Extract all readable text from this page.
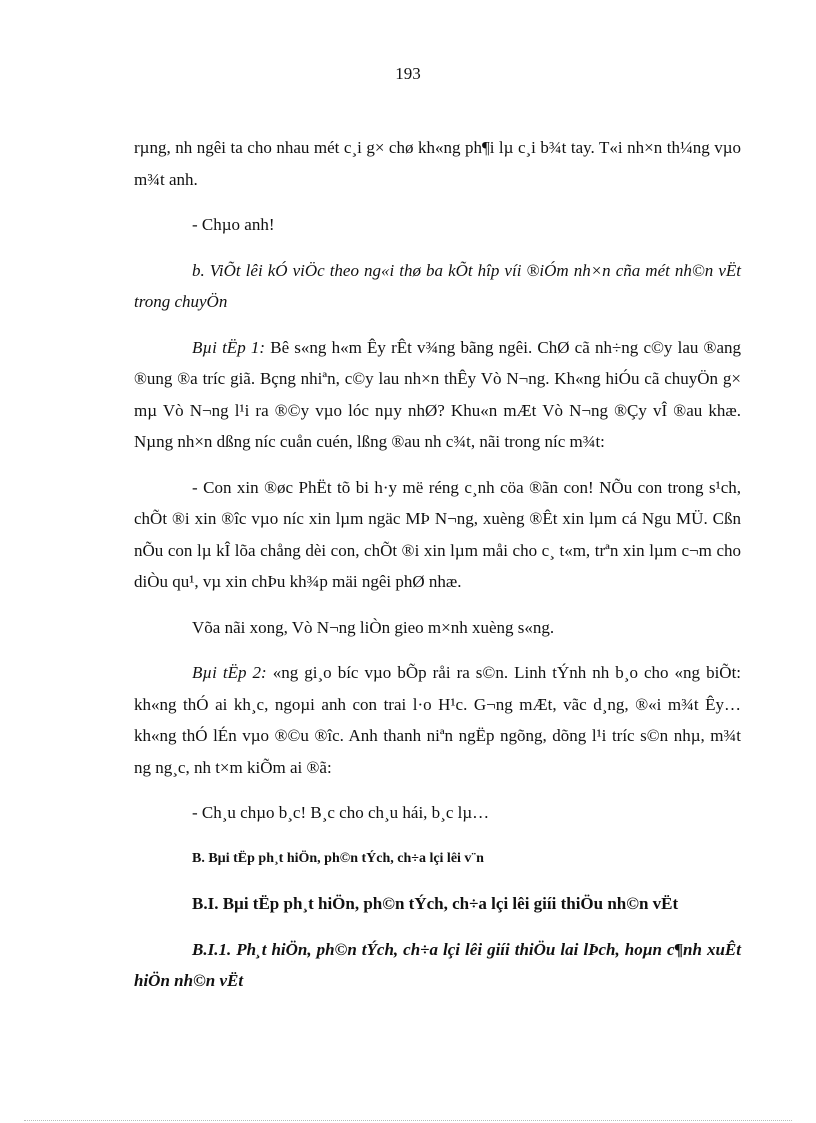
193

rµng, nh ngêi ta cho nhau mét c¸i g× chø kh«ng ph¶i lµ c¸i b¾t tay. T«i nh×n th¼ng vµo m¾t anh.

- Chµo anh!

b. ViÕt lêi kÓ viÖc theo ng«i thø ba kÕt hîp víi ®iÓm nh×n cña mét nh©n vËt trong chuyÖn

Bµi tËp 1: Bê s«ng h«m Êy rÊt v¾ng bãng ngêi. ChØ cã nh÷ng c©y lau ®ang ®ung ®a tríc giã. Bçng nhiªn, c©y lau nh×n thÊy Vò N¬ng. Kh«ng hiÓu cã chuyÖn g× mµ Vò N¬ng l¹i ra ®©y vµo lóc nµy nhØ? Khu«n mÆt Vò N¬ng ®Çy vÎ ®au khæ. Nµng nh×n dßng níc cuån cuén, lßng ®au nh c¾t, nãi trong níc m¾t:

- Con xin ®øc PhËt tõ bi h·y më réng c¸nh cöa ®ãn con! NÕu con trong s¹ch, chÕt ®i xin ®îc vµo níc xin lµm ngäc MÞ N¬ng, xuèng ®Êt xin lµm cá Ngu MÜ. Cßn nÕu con lµ kÎ lõa chång dèi con, chÕt ®i xin lµm måi cho c¸ t«m, trªn xin lµm c¬m cho diÒu qu¹, vµ xin chÞu kh¾p mäi ngêi phØ nhæ.

Võa nãi xong, Vò N¬ng liÒn gieo m×nh xuèng s«ng.

Bµi tËp 2: «ng gi¸o bíc vµo bÕp råi ra s©n. Linh tÝnh nh b¸o cho «ng biÕt: kh«ng thÓ ai kh¸c, ngoµi anh con trai l·o H¹c. G¬ng mÆt, vãc d¸ng, ®«i m¾t Êy… kh«ng thÓ lÉn vµo ®©u ®îc. Anh thanh niªn ngËp ngõng, dõng l¹i tríc s©n nhµ, m¾t ng ng¸c, nh t×m kiÕm ai ®ã:

- Ch¸u chµo b¸c! B¸c cho ch¸u hái, b¸c lµ…

B. Bµi tËp ph¸t hiÖn, ph©n tÝch, ch÷a lçi lêi v¨n

B.I. Bµi tËp ph¸t hiÖn, ph©n tÝch, ch÷a lçi lêi giíi thiÖu nh©n vËt

B.I.1. Ph¸t hiÖn, ph©n tÝch, ch÷a lçi lêi giíi thiÖu lai lÞch, hoµn c¶nh xuÊt hiÖn nh©n vËt
